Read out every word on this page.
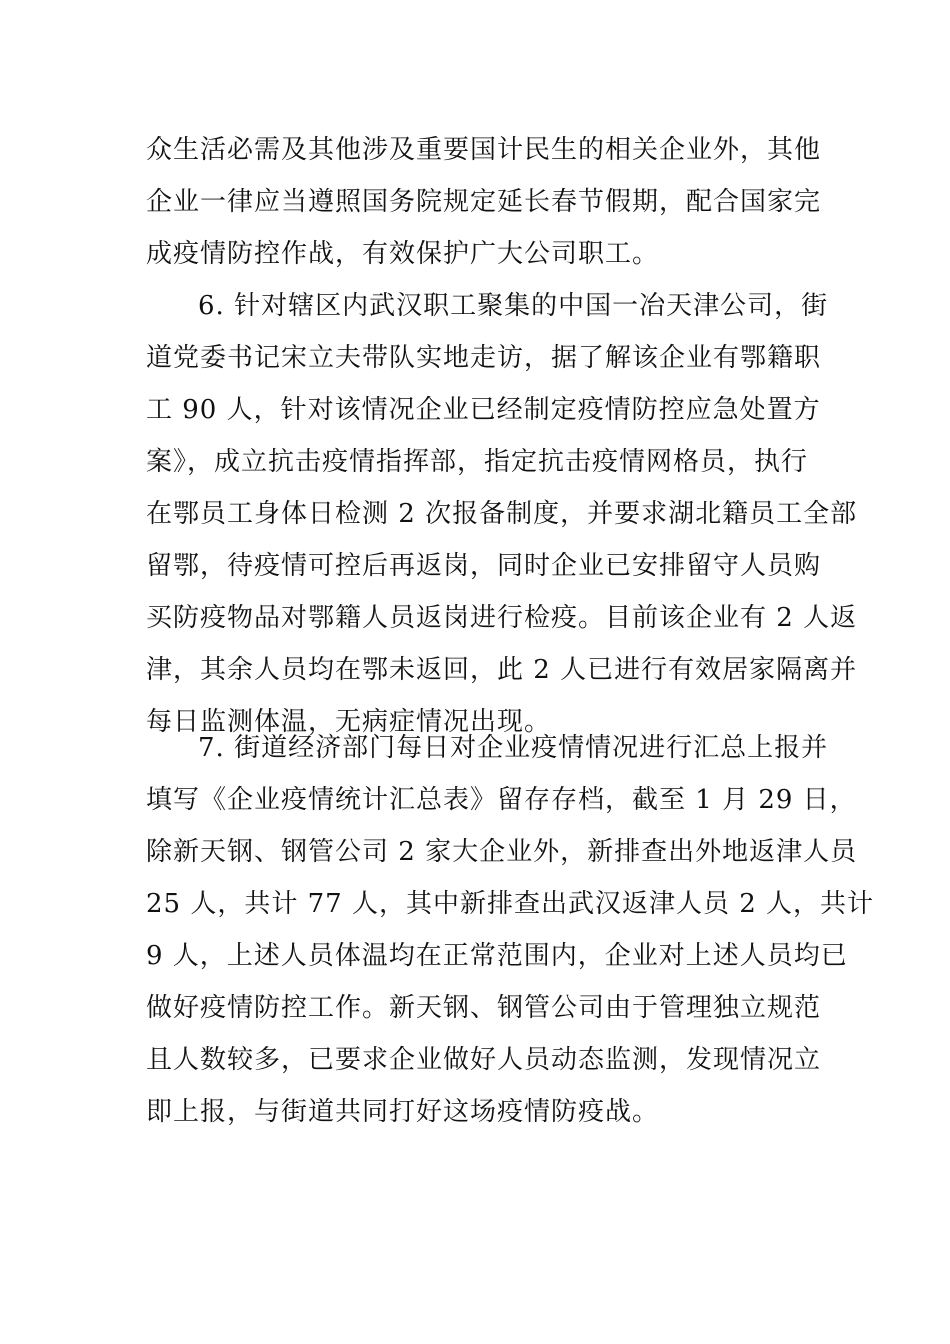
众生活必需及其他涉及重要国计民生的相关企业外，其他
企业一律应当遵照国务院规定延长春节假期，配合国家完
成疫情防控作战，有效保护广大公司职工。
6. 针对辖区内武汉职工聚集的中国一冶天津公司，街
道党委书记宋立夫带队实地走访，据了解该企业有鄂籍职
工 90 人，针对该情况企业已经制定疫情防控应急处置方
案》，成立抗击疫情指挥部，指定抗击疫情网格员，执行
在鄂员工身体日检测 2 次报备制度，并要求湖北籍员工全部
留鄂，待疫情可控后再返岗，同时企业已安排留守人员购
买防疫物品对鄂籍人员返岗进行检疫。目前该企业有 2 人返
津，其余人员均在鄂未返回，此 2 人已进行有效居家隔离并
每日监测体温，无病症情况出现。
7. 街道经济部门每日对企业疫情情况进行汇总上报并
填写《企业疫情统计汇总表》留存存档，截至 1 月 29 日，
除新天钢、钢管公司 2 家大企业外，新排查出外地返津人员
25 人，共计 77 人，其中新排查出武汉返津人员 2 人，共计
9 人，上述人员体温均在正常范围内，企业对上述人员均已
做好疫情防控工作。新天钢、钢管公司由于管理独立规范
且人数较多，已要求企业做好人员动态监测，发现情况立
即上报，与街道共同打好这场疫情防疫战。
